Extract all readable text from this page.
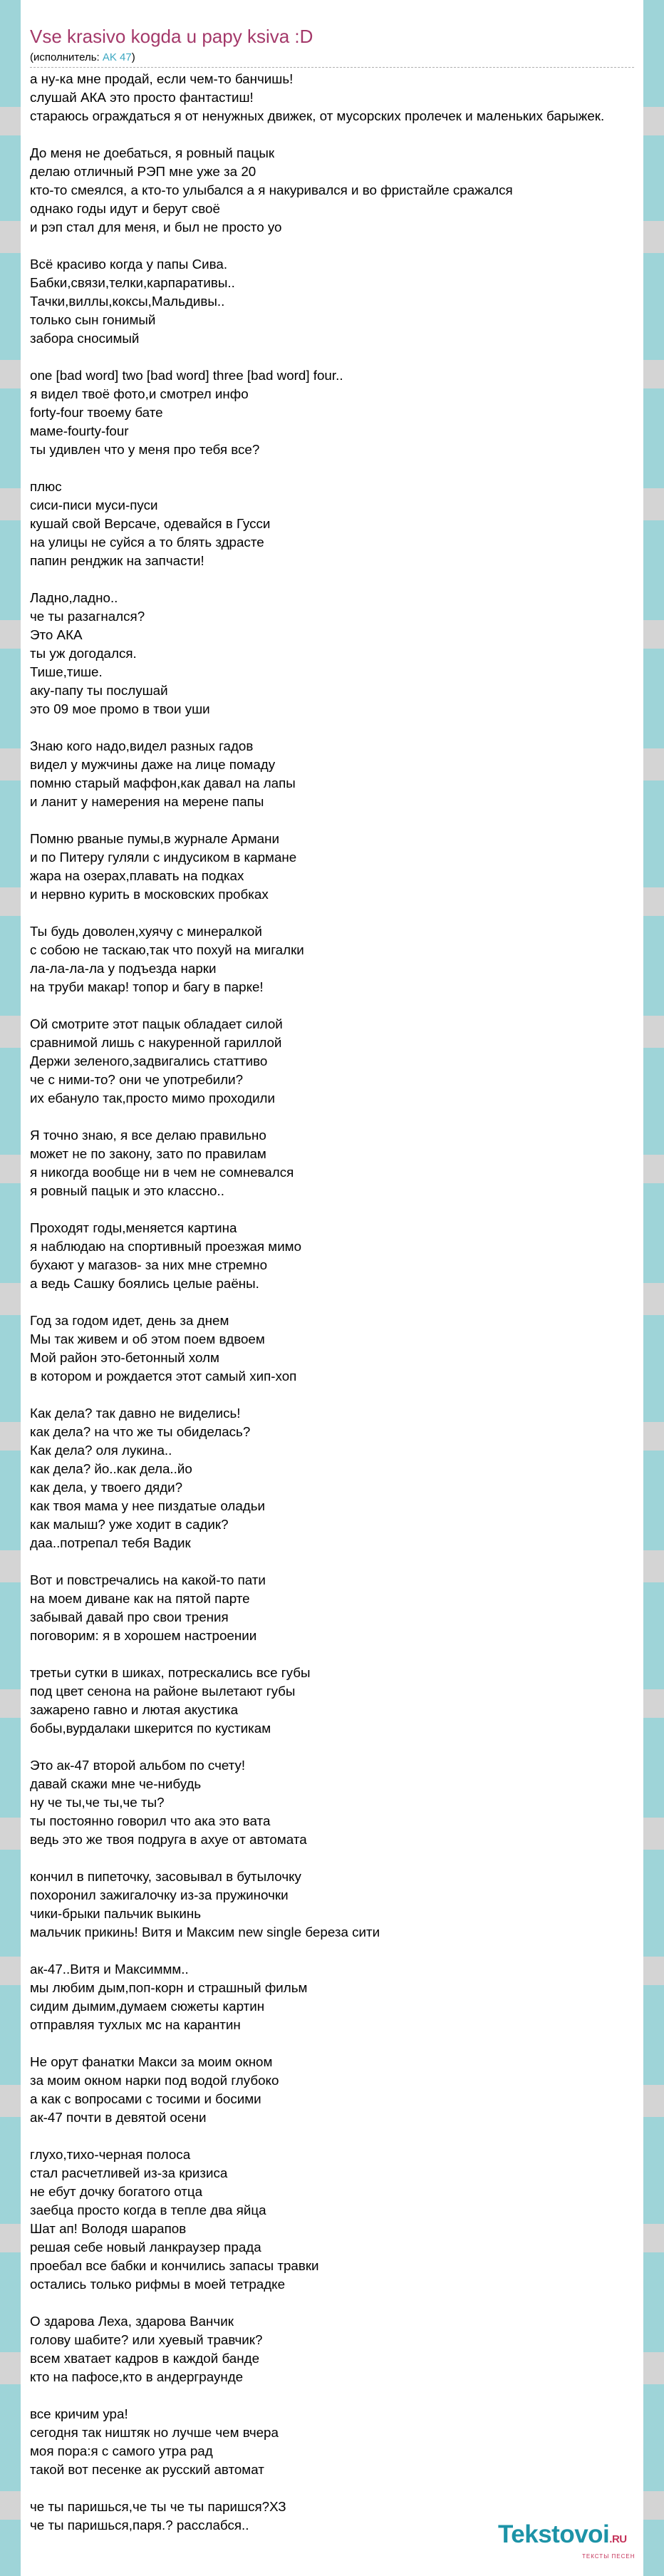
Vse krasivo kogda u papy ksiva :D
(исполнитель: AK 47)
а ну-ка мне продай, если чем-то банчишь!
слушай АКА это просто фантастиш!
стараюсь ограждаться я от ненужных движек, от мусорских пролечек и маленьких барыжек.
До меня не доебаться, я ровный пацык
делаю отличный РЭП мне уже за 20
кто-то смеялся, а кто-то улыбался а я накуривался и во фристайле сражался
однако годы идут и берут своё
и рэп стал для меня, и был не просто уо
Всё красиво когда у папы Сива.
Бабки,связи,телки,карпаративы..
Тачки,виллы,коксы,Мальдивы..
только сын гонимый
забора сносимый
one [bad word] two [bad word] three [bad word] four..
я видел твоё фото,и смотрел инфо
forty-four твоему бате
маме-fourty-four
ты удивлен что у меня про тебя все?
плюс
сиси-писи муси-пуси
кушай свой Версаче, одевайся в Гусси
на улицы не суйся а то блять здрасте
папин ренджик на запчасти!
Ладно,ладно..
че ты разагнался?
Это АКА
ты уж догодался.
Тише,тише.
аку-папу ты послушай
это 09 мое промо в твои уши
Знаю кого надо,видел разных гадов
видел у мужчины даже на лице помаду
помню старый маффон,как давал на лапы
и ланит у намерения на мерене папы
Помню рваные пумы,в журнале Армани
и по Питеру гуляли с индусиком в кармане
жара на озерах,плавать на подках
и нервно курить в московских пробках
Ты будь доволен,хуячу с минералкой
с собою не таскаю,так что похуй на мигалки
ла-ла-ла-ла у подъезда нарки
на труби макар! топор и багу в парке!
Ой смотрите этот пацык обладает силой
сравнимой лишь с накуренной гариллой
Держи зеленого,задвигались статтиво
че с ними-то? они че употребили?
их ебануло так,просто мимо проходили
Я точно знаю, я все делаю правильно
может не по закону, зато по правилам
я никогда вообще ни в чем не сомневался
я ровный пацык и это классно..
Проходят годы,меняется картина
я наблюдаю на спортивный проезжая мимо
бухают у магазов- за них мне стремно
а ведь Сашку боялись целые раёны.
Год за годом идет, день за днем
Мы так живем и об этом поем вдвоем
Мой район это-бетонный холм
в котором и рождается этот самый хип-хоп
Как дела? так давно не виделись!
как дела? на что же ты обиделась?
Как дела? оля лукина..
как дела? йо..как дела..йо
как дела, у твоего дяди?
как твоя мама у нее пиздатые оладьи
как малыш? уже ходит в садик?
даа..потрепал тебя Вадик
Вот и повстречались на какой-то пати
на моем диване как на пятой парте
забывай давай про свои трения
поговорим: я в хорошем настроении
третьи сутки в шиках, потрескались все губы
под цвет сенона на районе вылетают губы
зажарено гавно и лютая акустика
бобы,вурдалаки шкерится по кустикам
Это ак-47 второй альбом по счету!
давай скажи мне че-нибудь
ну че ты,че ты,че ты?
ты постоянно говорил что ака это вата
ведь это же твоя подруга в ахуе от автомата
кончил в пипеточку, засовывал в бутылочку
похоронил зажигалочку из-за пружиночки
чики-брыки пальчик выкинь
мальчик прикинь! Витя и Максим new single береза сити
ак-47..Витя и Максиммм..
мы любим дым,поп-корн и страшный фильм
сидим дымим,думаем сюжеты картин
отправляя тухлых мс на карантин
Не орут фанатки Макси за моим окном
за моим окном нарки под водой глубоко
а как с вопросами с тосими и босими
ак-47 почти в девятой осени
глухо,тихо-черная полоса
стал расчетливей из-за кризиса
не ебут дочку богатого отца
заебца просто когда в тепле два яйца
Шат ап! Володя шарапов
решая себе новый ланкраузер прада
проебал все бабки и кончились запасы травки
остались только рифмы в моей тетрадке
О здарова Леха, здарова Ванчик
голову шабите? или хуевый травчик?
всем хватает кадров в каждой банде
кто на пафосе,кто в андерграунде
все кричим ура!
сегодня так ништяк но лучше чем вчера
моя пора:я с самого утра рад
такой вот песенке ак русский автомат
че ты паришься,че ты че ты паришся?ХЗ
че ты паришься,паря.? расслабся..	Tekstovoi.RU
ТЕКСТЫ ПЕСЕН
